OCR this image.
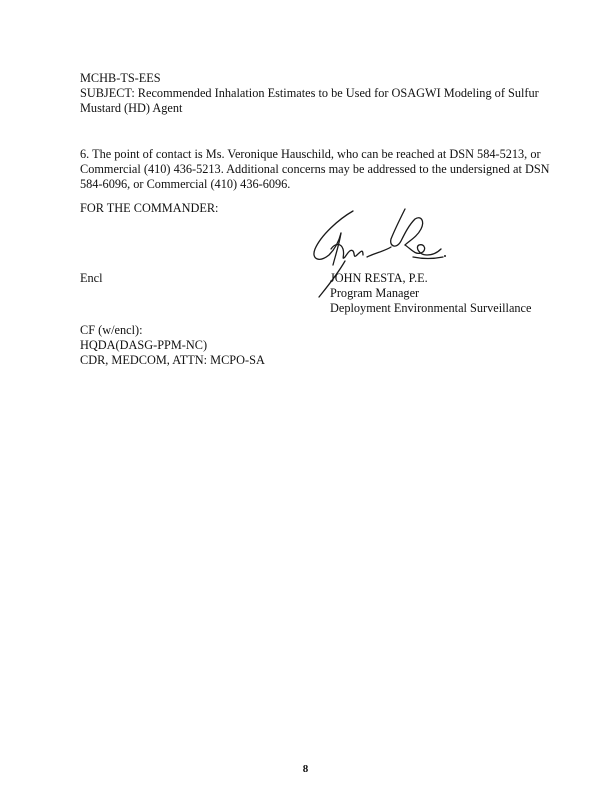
MCHB-TS-EES
SUBJECT: Recommended Inhalation Estimates to be Used for OSAGWI Modeling of Sulfur
Mustard (HD) Agent
6. The point of contact is Ms. Veronique Hauschild, who can be reached at DSN 584-5213, or
Commercial (410) 436-5213. Additional concerns may be addressed to the undersigned at DSN
584-6096, or Commercial (410) 436-6096.
FOR THE COMMANDER:
Encl	JOHN RESTA, P.E.
Program Manager
Deployment Environmental Surveillance
CF (w/encl):
HQDA(DASG-PPM-NC)
CDR, MEDCOM, ATTN: MCPO-SA
8
